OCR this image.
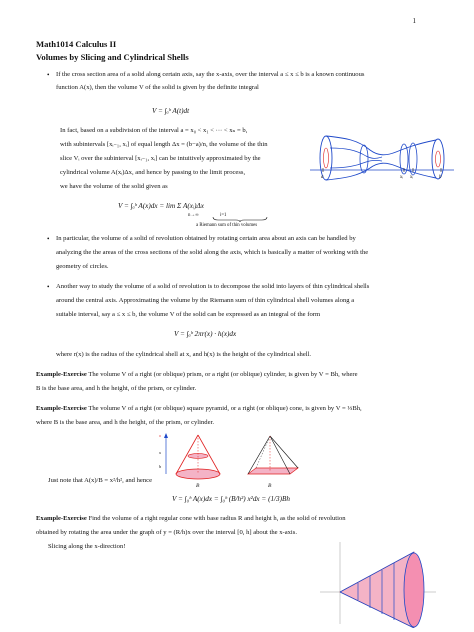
1
Math1014 Calculus II
Volumes by Slicing and Cylindrical Shells
• If the cross section area of a solid along certain axis, say the x-axis, over the interval a ≤ x ≤ b is a known continuous
function A(x), then the volume V of the solid is given by the definite integral
V = ∫ₐᵇ A(t)dt
In fact, based on a subdivision of the interval a = x₀ < x₁ < ··· < xₙ = b,
with subintervals [xᵢ₋₁, xᵢ] of equal length Δx = (b−a)/n, the volume of the thin
slice Vᵢ over the subinterval [xᵢ₋₁, xᵢ] can be intuitively approximated by the
cylindrical volume A(xᵢ)Δx, and hence by passing to the limit process,
we have the volume of the solid given as
V = ∫ₐᵇ A(x)dx = lim Σ A(xᵢ)Δx
n→∞	i=1
a Riemann sum of thin volumes
a	xᵢ xᵢ	b
• In particular, the volume of a solid of revolution obtained by rotating certain area about an axis can be handled by
analyzing the the areas of the cross sections of the solid along the axis, which is basically a matter of working with the
geometry of circles.
• Another way to study the volume of a solid of revolution is to decompose the solid into layers of thin cylindrical shells
around the central axis. Approximating the volume by the Riemann sum of thin cylindrical shell volumes along a
suitable interval, say a ≤ x ≤ b, the volume V of the solid can be expressed as an integral of the form
V = ∫ₐᵇ 2πr(x) · h(x)dx
where r(x) is the radius of the cylindrical shell at x, and h(x) is the height of the cylindrical shell.
Example-Exercise The volume V of a right (or oblique) prism, or a right (or oblique) cylinder, is given by V = Bh, where
B is the base area, and h the height, of the prism, or cylinder.
Example-Exercise The volume V of a right (or oblique) square pyramid, or a right (or oblique) cone, is given by V = ⅓Bh,
where B is the base area, and h the height, of the prism, or cylinder.
o
x
h
B	B
Just note that A(x)/B = x²/h², and hence
V = ∫₀ʰ A(x)dx = ∫₀ʰ (B/h²) x²dx = (1/3)Bh
Example-Exercise Find the volume of a right regular cone with base radius R and height h, as the solid of revolution
obtained by rotating the area under the graph of y = (R/h)x over the interval [0, h] about the x-axis.
Slicing along the x-direction!
